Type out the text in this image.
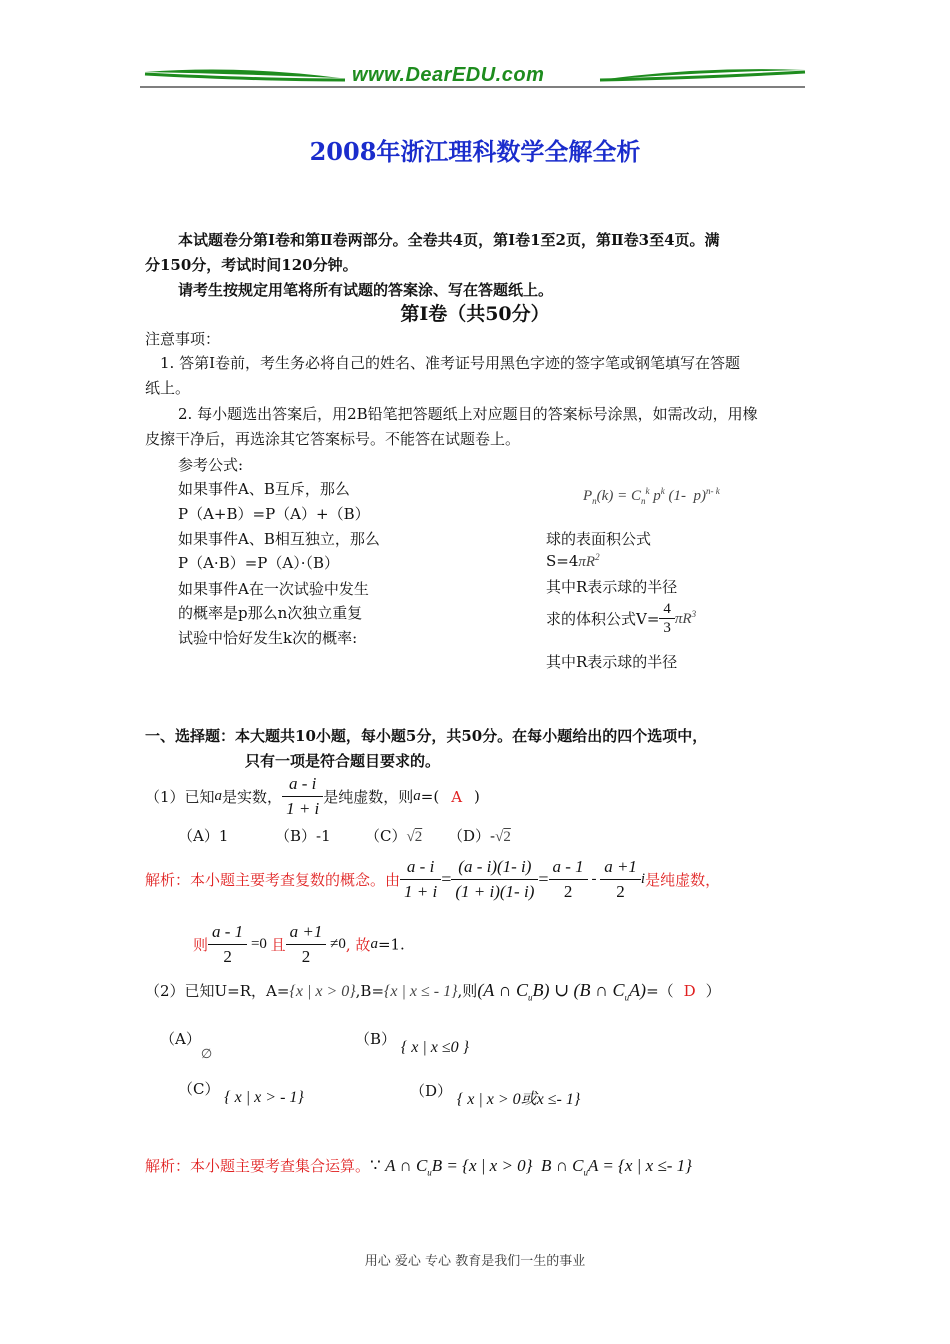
www.DearEDU.com
2008年浙江理科数学全解全析
本试题卷分第Ⅰ卷和第Ⅱ卷两部分。全卷共4页，第Ⅰ卷1至2页，第Ⅱ卷3至4页。满
分150分，考试时间120分钟。
请考生按规定用笔将所有试题的答案涂、写在答题纸上。
第Ⅰ卷（共50分）
注意事项：
1. 答第Ⅰ卷前，考生务必将自己的姓名、准考证号用黑色字迹的签字笔或钢笔填写在答题
纸上。
2. 每小题选出答案后，用2B铅笔把答题纸上对应题目的答案标号涂黑，如需改动，用橡
皮擦干净后，再选涂其它答案标号。不能答在试题卷上。
参考公式:
如果事件A、B互斥，那么
P（A+B）=P（A）+（B）
如果事件A、B相互独立，那么
P（A·B）=P（A）·（B）
如果事件A在一次试验中发生
的概率是p那么n次独立重复
试验中恰好发生k次的概率:
$P_n(k) = C_n^k$ $p^k$ (1-  p)$^{n- k}$
球的表面积公式
$S=4\pi R^2$
其中R表示球的半径
求的体积公式$V= \frac{4}{3} \pi R^3$
其中R表示球的半径
一、选择题：本大题共10小题，每小题5分，共50分。在每小题给出的四个选项中，
只有一项是符合题目要求的。
（1）已知a是实数， $\frac{a - i}{1 + i}$ 是纯虚数，则a=( A )
（A）1	（B）-1 （C）√2 （D）-√2
解析：本小题主要考查复数的概念。由 $\frac{a - i}{1 + i} = \frac{(a - i)(1- i)}{(1 + i)(1- i)} = \frac{a - 1}{2} - \frac{a +1}{2}$ i是纯虚数，
则 $\frac{a - 1}{2} =0$ 且 $\frac{a +1}{2} \ne 0$, 故a=1.
（2）已知U=R，A={x | x > 0},B={x | x ≤ - 1},则(A ∩ $C_uB$) ∪ (B ∩ $C_uA)=$（ D ）
（A）∅
（B） { x | x ≤0 }
（C） { x | x > - 1}	（D） { x | x > 0或x ≤- 1}
解析：本小题主要考查集合运算。∵ A ∩ $C_uB = \{x$ | x > 0}  B ∩ $C_uA = \{x$ | x ≤- 1}
用心 爱心 专心 教育是我们一生的事业
